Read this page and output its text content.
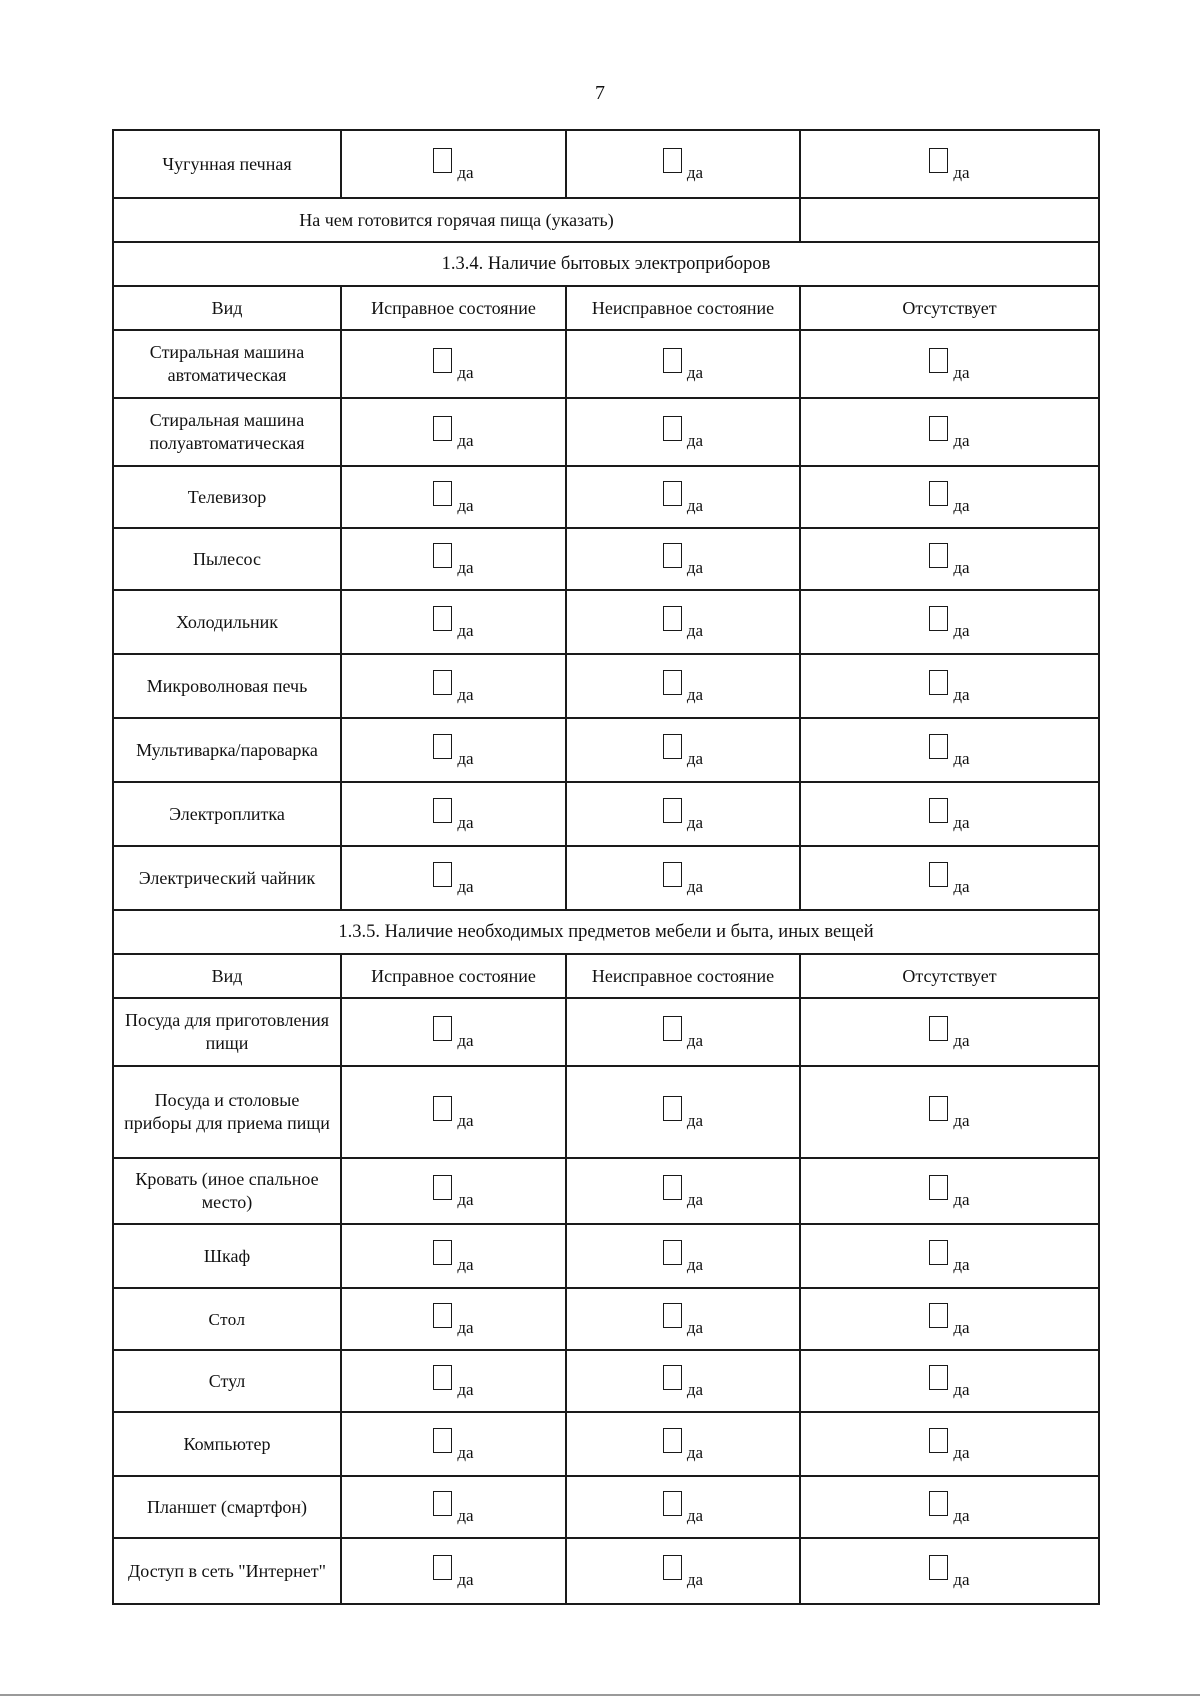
7
Чугунная печная	да	да	да
На чем готовится горячая пища (указать)			
1.3.4. Наличие бытовых электроприборов			
Вид	Исправное состояние	Неисправное состояние	Отсутствует
Стиральная машина автоматическая	да	да	да
Стиральная машина полуавтоматическая	да	да	да
Телевизор	да	да	да
Пылесос	да	да	да
Холодильник	да	да	да
Микроволновая печь	да	да	да
Мультиварка/пароварка	да	да	да
Электроплитка	да	да	да
Электрический чайник	да	да	да
1.3.5. Наличие необходимых предметов мебели и быта, иных вещей			
Вид	Исправное состояние	Неисправное состояние	Отсутствует
Посуда для приготовления пищи	да	да	да
Посуда и столовые приборы для приема пищи	да	да	да
Кровать (иное спальное место)	да	да	да
Шкаф	да	да	да
Стол	да	да	да
Стул	да	да	да
Компьютер	да	да	да
Планшет (смартфон)	да	да	да
Доступ в сеть "Интернет"	да	да	да
